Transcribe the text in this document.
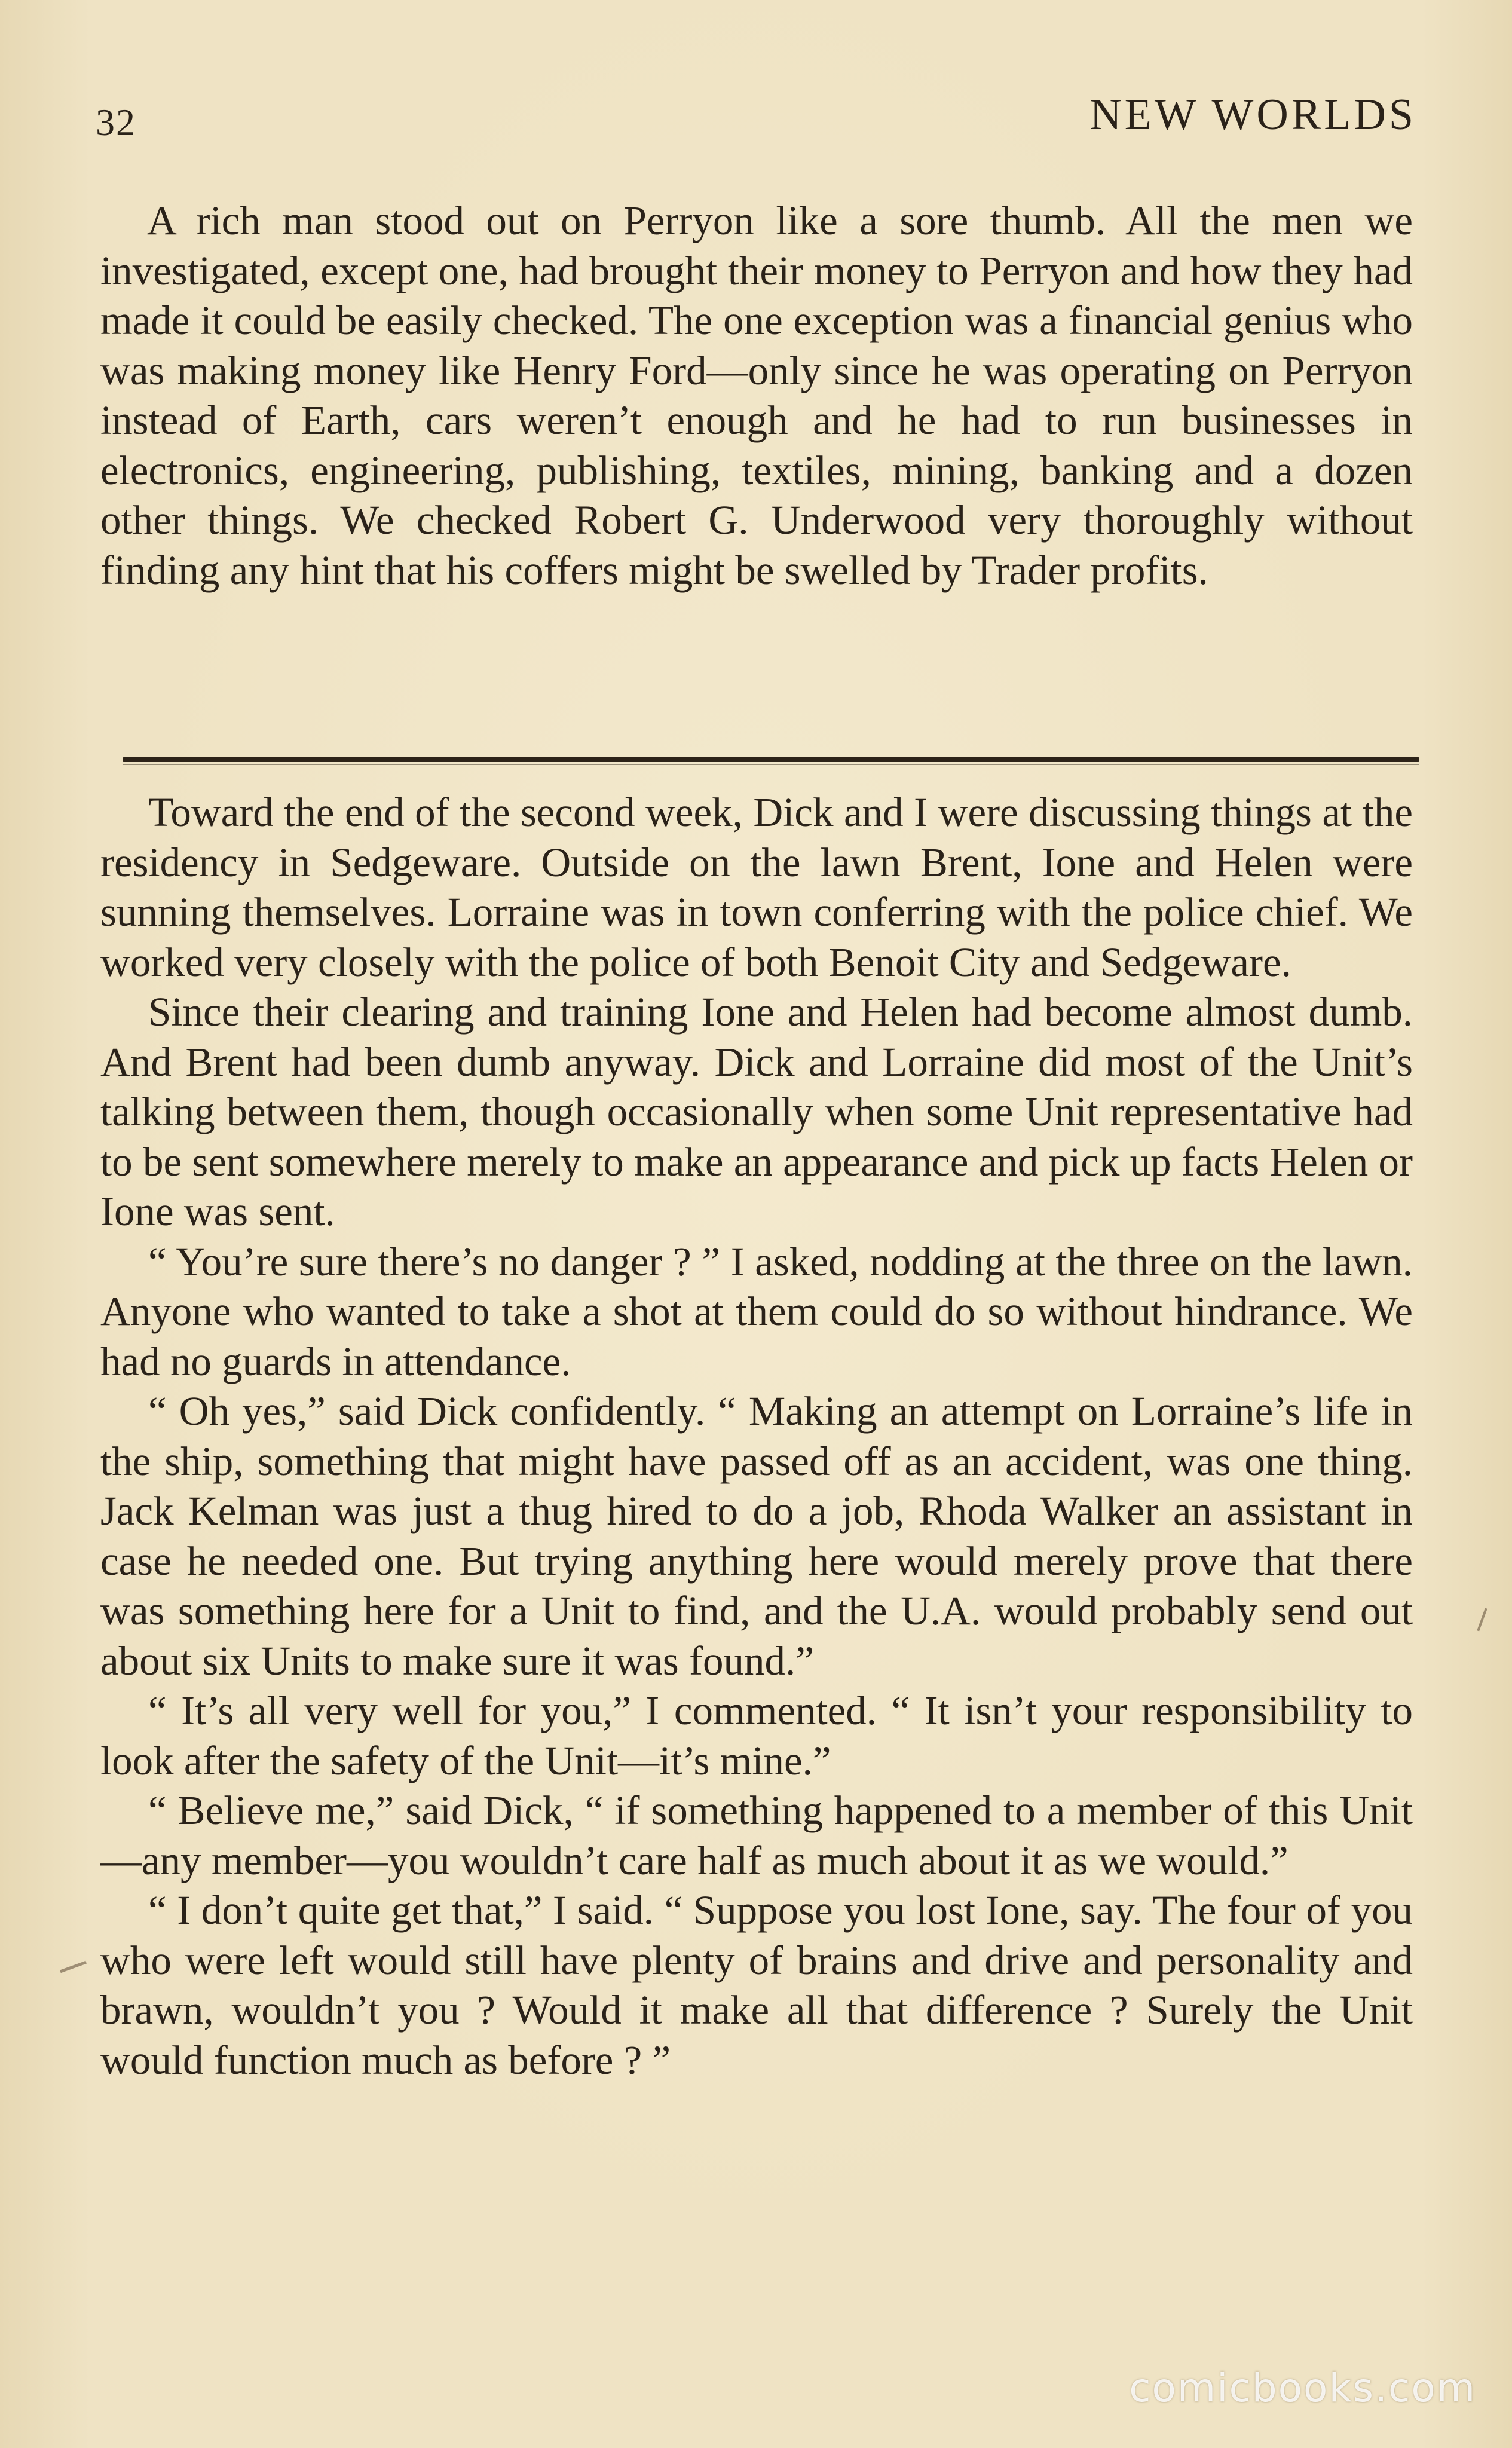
32	NEW WORLDS

A rich man stood out on Perryon like a sore thumb. All the men we investigated, except one, had brought their money to Perryon and how they had made it could be easily checked. The one exception was a financial genius who was making money like Henry Ford—only since he was operating on Perryon instead of Earth, cars weren’t enough and he had to run businesses in electronics, engineering, publishing, textiles, mining, banking and a dozen other things. We checked Robert G. Underwood very thoroughly without finding any hint that his coffers might be swelled by Trader profits.

Toward the end of the second week, Dick and I were discussing things at the residency in Sedgeware. Outside on the lawn Brent, Ione and Helen were sunning themselves. Lorraine was in town conferring with the police chief. We worked very closely with the police of both Benoit City and Sedgeware.

Since their clearing and training Ione and Helen had become almost dumb. And Brent had been dumb anyway. Dick and Lorraine did most of the Unit’s talking between them, though occasionally when some Unit representative had to be sent somewhere merely to make an appearance and pick up facts Helen or Ione was sent.

“ You’re sure there’s no danger ? ” I asked, nodding at the three on the lawn. Anyone who wanted to take a shot at them could do so without hindrance. We had no guards in attendance.

“ Oh yes,” said Dick confidently. “ Making an attempt on Lorraine’s life in the ship, something that might have passed off as an accident, was one thing. Jack Kelman was just a thug hired to do a job, Rhoda Walker an assistant in case he needed one. But trying anything here would merely prove that there was something here for a Unit to find, and the U.A. would probably send out about six Units to make sure it was found.”

“ It’s all very well for you,” I commented. “ It isn’t your responsibility to look after the safety of the Unit—it’s mine.”

“ Believe me,” said Dick, “ if something happened to a member of this Unit—any member—you wouldn’t care half as much about it as we would.”

“ I don’t quite get that,” I said. “ Suppose you lost Ione, say. The four of you who were left would still have plenty of brains and drive and personality and brawn, wouldn’t you ? Would it make all that difference ? Surely the Unit would function much as before ? ”

comicbooks.com
